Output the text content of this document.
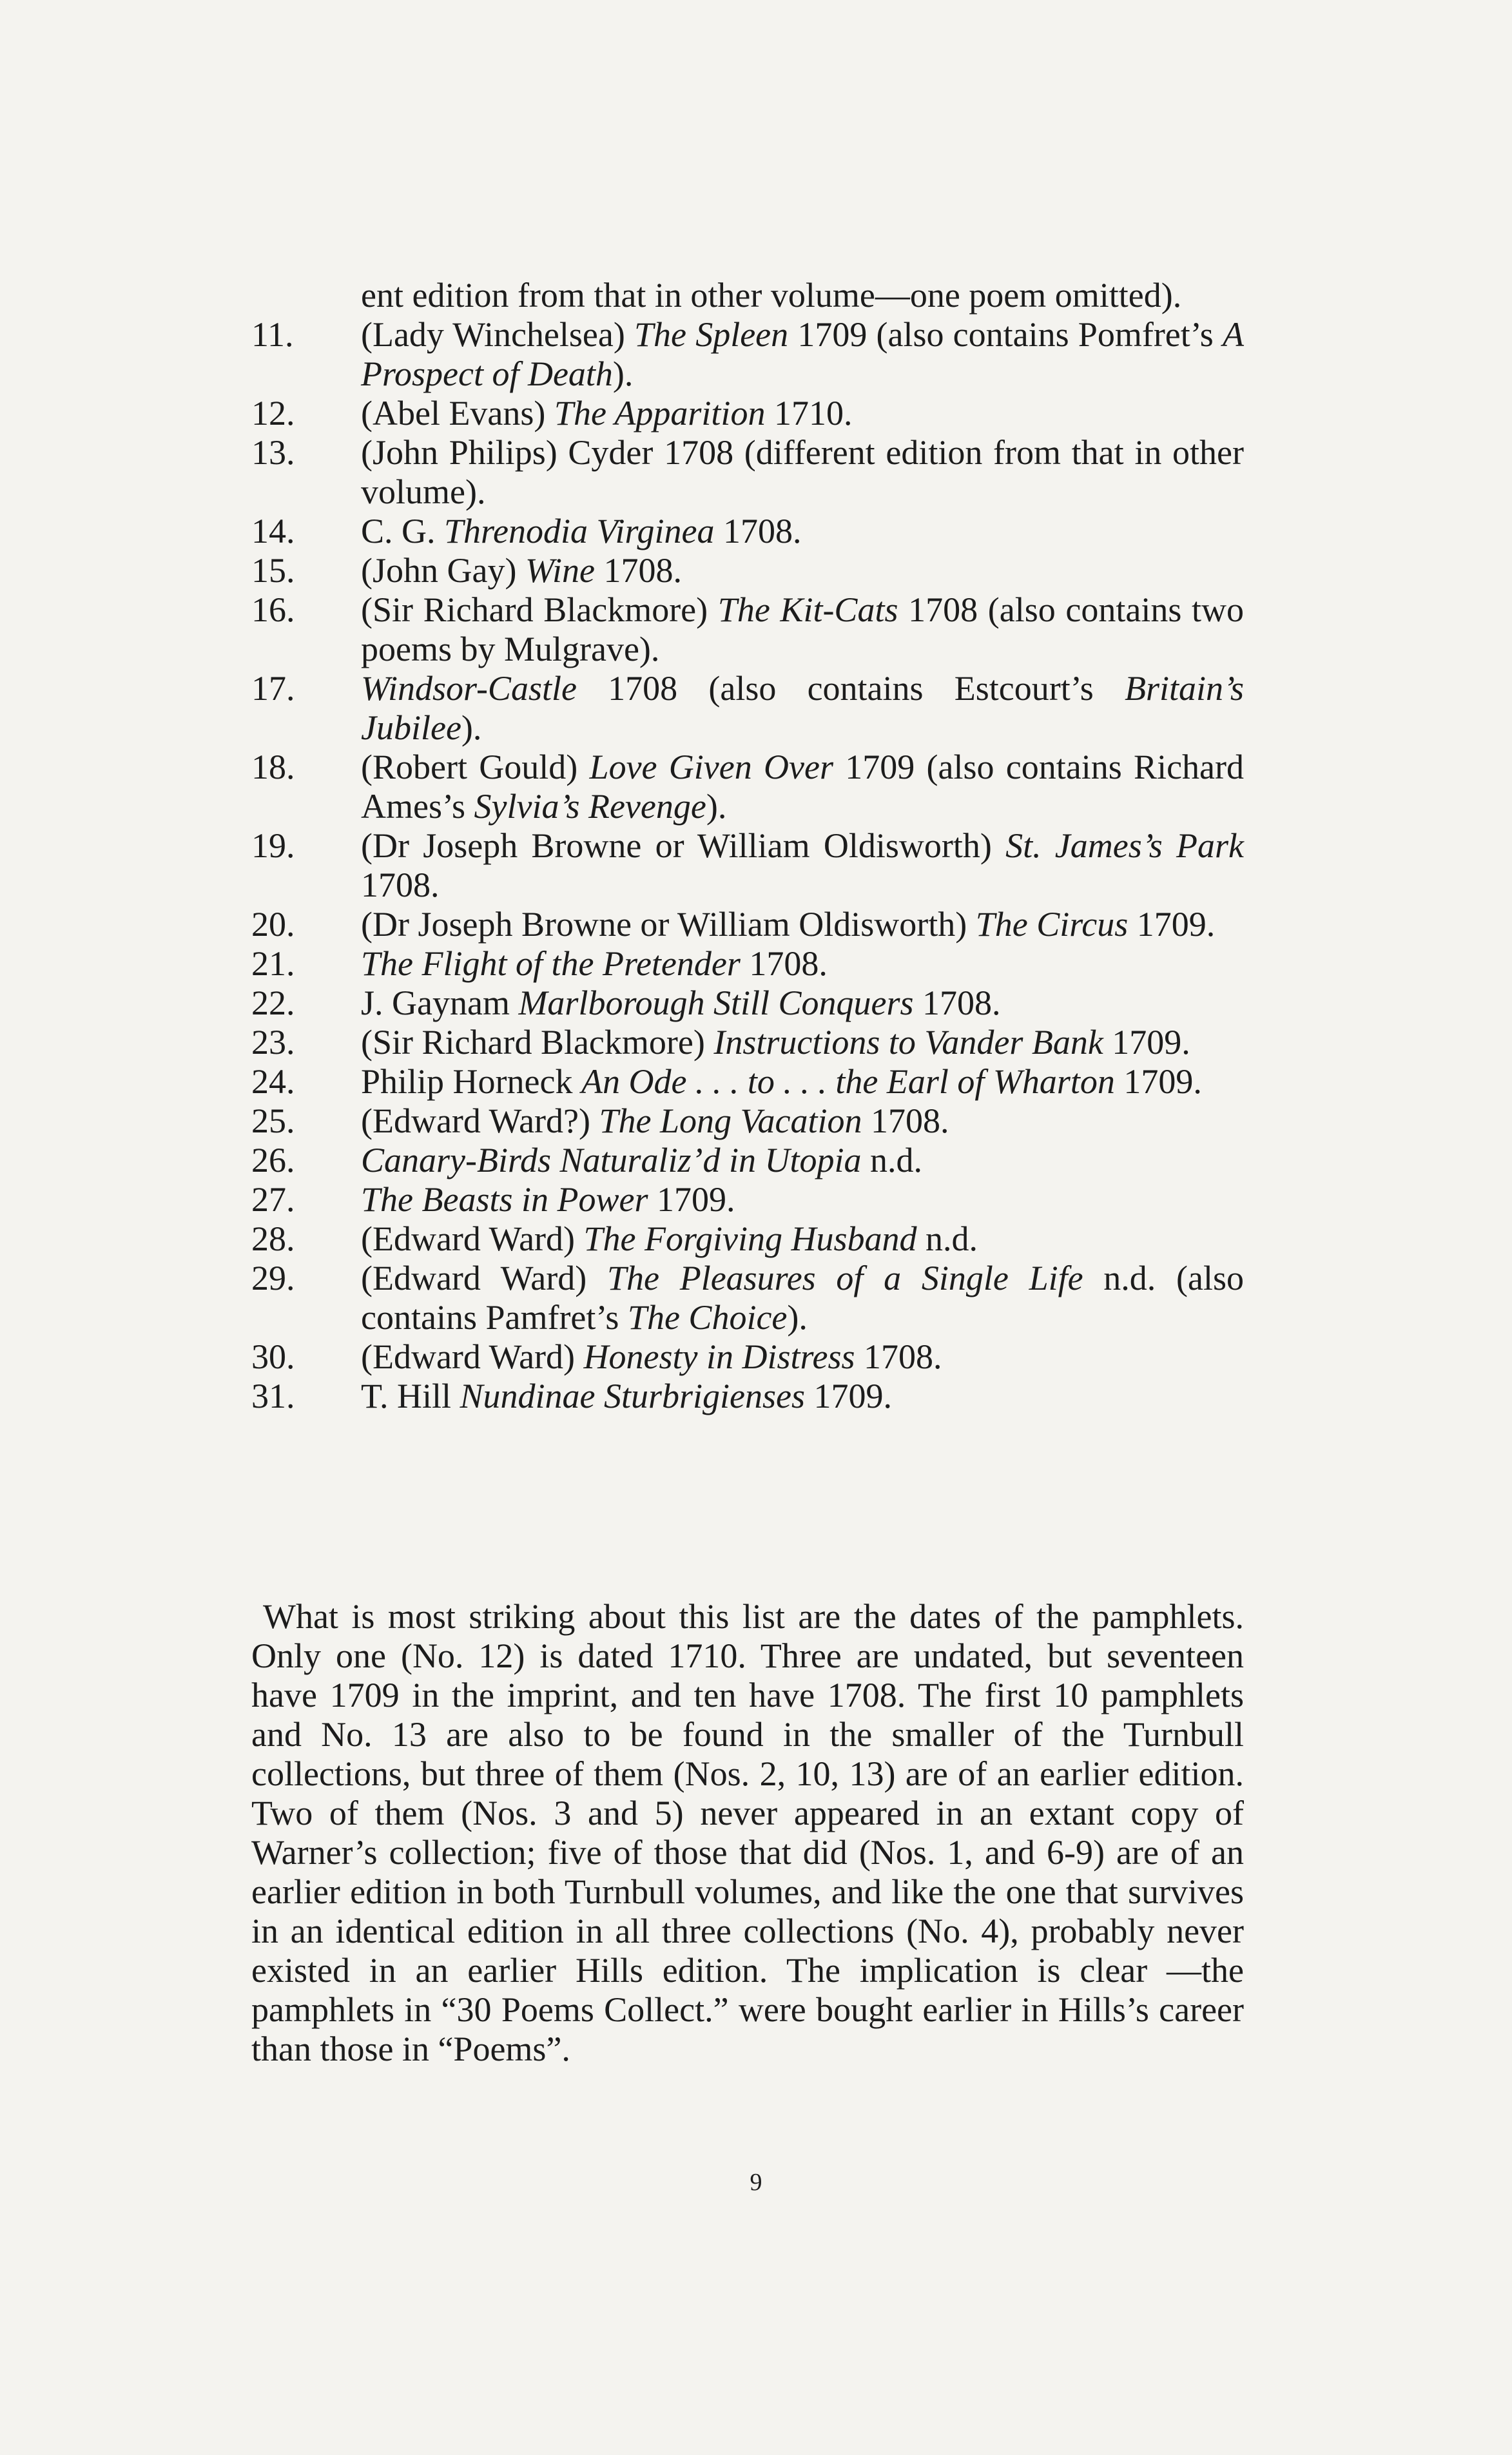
ent edition from that in other volume—one poem omitted).
11. (Lady Winchelsea) The Spleen 1709 (also contains Pomfret’s A Prospect of Death).
12. (Abel Evans) The Apparition 1710.
13. (John Philips) Cyder 1708 (different edition from that in other volume).
14. C. G. Threnodia Virginea 1708.
15. (John Gay) Wine 1708.
16. (Sir Richard Blackmore) The Kit-Cats 1708 (also contains two poems by Mulgrave).
17. Windsor-Castle 1708 (also contains Estcourt’s Britain’s Jubilee).
18. (Robert Gould) Love Given Over 1709 (also contains Richard Ames’s Sylvia’s Revenge).
19. (Dr Joseph Browne or William Oldisworth) St. James’s Park 1708.
20. (Dr Joseph Browne or William Oldisworth) The Circus 1709.
21. The Flight of the Pretender 1708.
22. J. Gaynam Marlborough Still Conquers 1708.
23. (Sir Richard Blackmore) Instructions to Vander Bank 1709.
24. Philip Horneck An Ode . . . to . . . the Earl of Wharton 1709.
25. (Edward Ward?) The Long Vacation 1708.
26. Canary-Birds Naturaliz’d in Utopia n.d.
27. The Beasts in Power 1709.
28. (Edward Ward) The Forgiving Husband n.d.
29. (Edward Ward) The Pleasures of a Single Life n.d. (also contains Pamfret’s The Choice).
30. (Edward Ward) Honesty in Distress 1708.
31. T. Hill Nundinae Sturbrigienses 1709.
What is most striking about this list are the dates of the pamphlets. Only one (No. 12) is dated 1710. Three are undated, but seventeen have 1709 in the imprint, and ten have 1708. The first 10 pamphlets and No. 13 are also to be found in the smaller of the Turnbull collections, but three of them (Nos. 2, 10, 13) are of an earlier edition. Two of them (Nos. 3 and 5) never appeared in an extant copy of Warner’s collection; five of those that did (Nos. 1, and 6-9) are of an earlier edition in both Turnbull volumes, and like the one that survives in an identical edition in all three collections (No. 4), probably never existed in an earlier Hills edition. The implication is clear —the pamphlets in “30 Poems Collect.” were bought earlier in Hills’s career than those in “Poems”.
9
